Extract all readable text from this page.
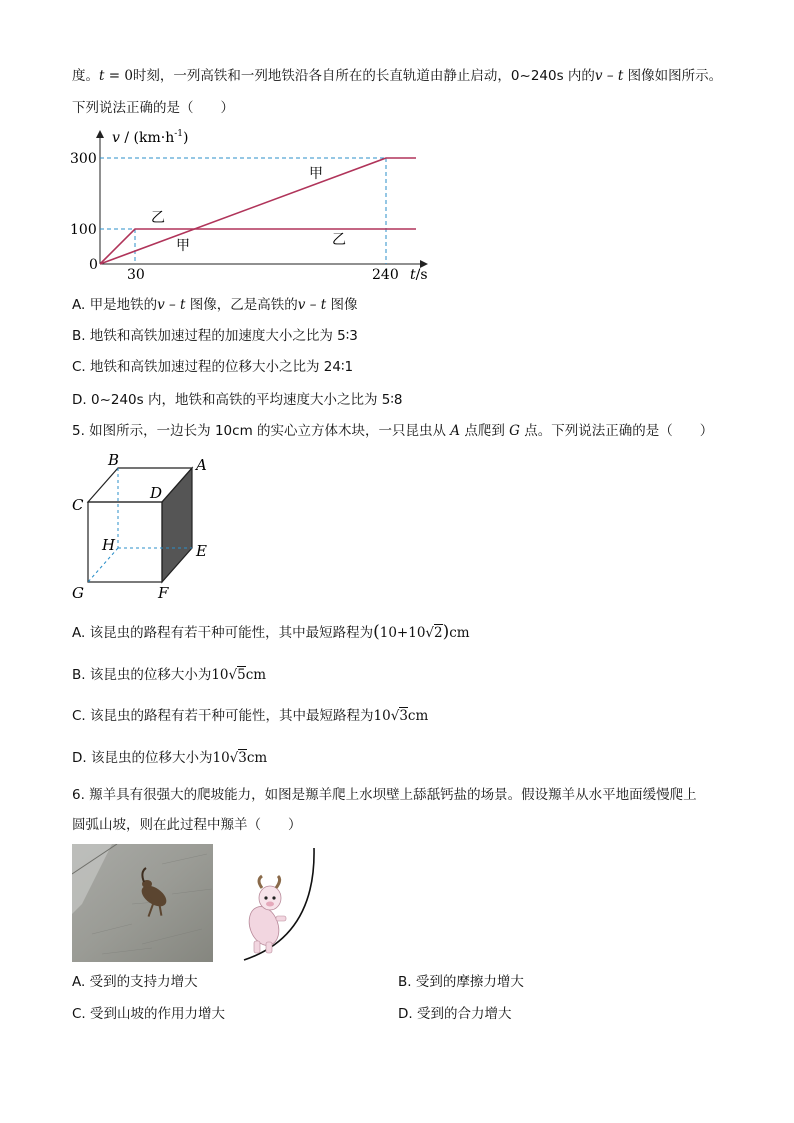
度。t = 0时刻，一列高铁和一列地铁沿各自所在的长直轨道由静止启动，0~240s 内的v – t 图像如图所示。
下列说法正确的是（　　）
$v / (km\cdot h^{-1})$
300
100
0
30	240 t/s
甲
乙
甲	乙
A. 甲是地铁的v – t 图像，乙是高铁的v – t 图像
B. 地铁和高铁加速过程的加速度大小之比为 5∶3
C. 地铁和高铁加速过程的位移大小之比为 24∶1
D. 0~240s 内，地铁和高铁的平均速度大小之比为 5∶8
5. 如图所示，一边长为 10cm 的实心立方体木块，一只昆虫从 A 点爬到 G 点。下列说法正确的是（　　）
B	A
C
D
H	E
G	F
A. 该昆虫的路程有若干种可能性，其中最短路程为(10+10√2)cm
B. 该昆虫的位移大小为10√5cm
C. 该昆虫的路程有若干种可能性，其中最短路程为10√3cm
D. 该昆虫的位移大小为10√3cm
6. 羱羊具有很强大的爬坡能力，如图是羱羊爬上水坝壁上舔舐钙盐的场景。假设羱羊从水平地面缓慢爬上
圆弧山坡，则在此过程中羱羊（　　）
A. 受到的支持力增大	B. 受到的摩擦力增大
C. 受到山坡的作用力增大	D. 受到的合力增大
